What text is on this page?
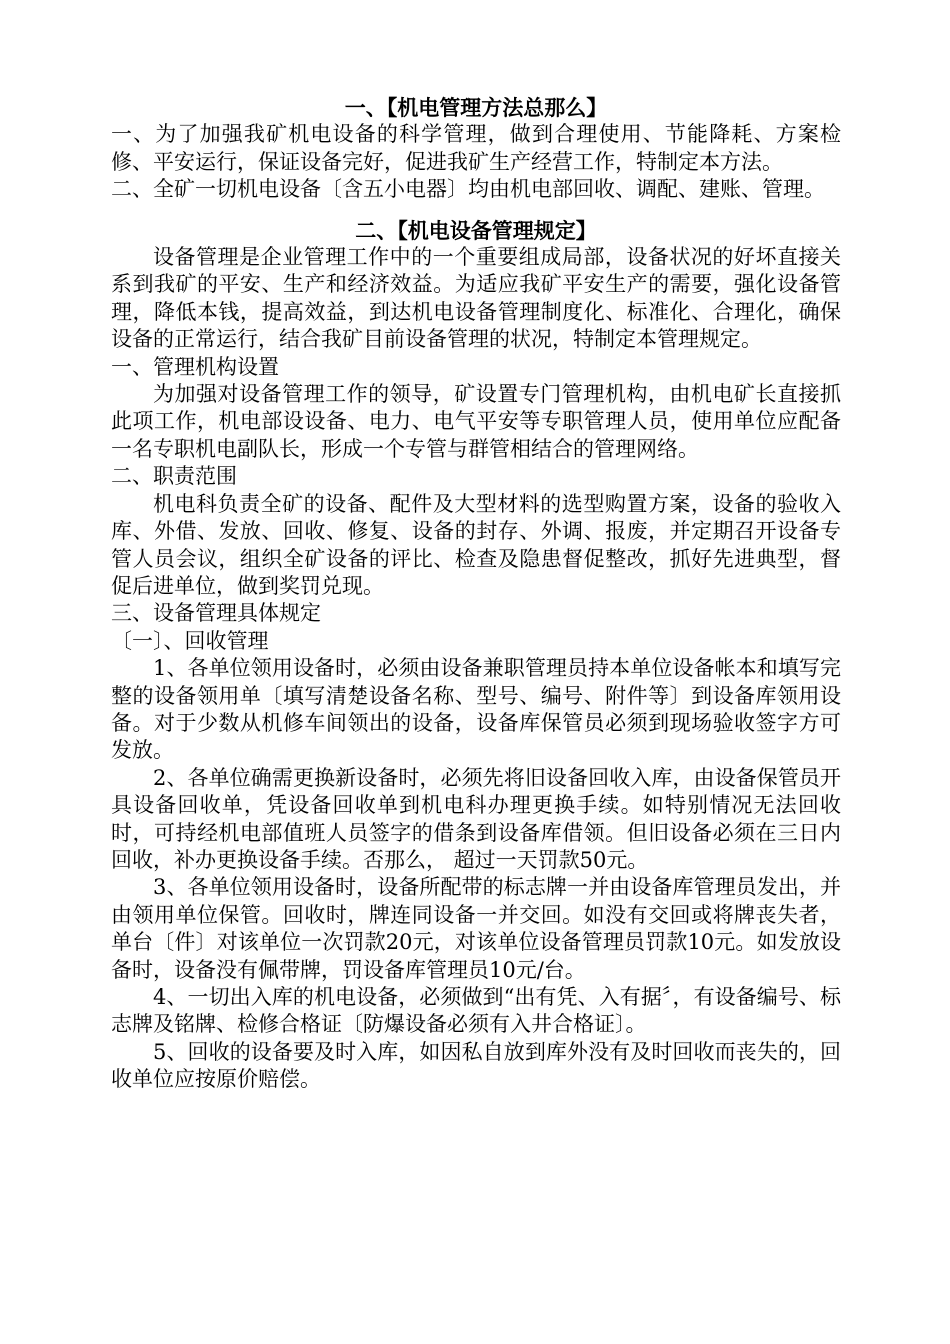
一、【机电管理方法总那么】

一、为了加强我矿机电设备的科学管理，做到合理使用、节能降耗、方案检修、平安运行，保证设备完好，促进我矿生产经营工作，特制定本方法。

二、全矿一切机电设备〔含五小电器〕均由机电部回收、调配、建账、管理。

二、【机电设备管理规定】

设备管理是企业管理工作中的一个重要组成局部，设备状况的好坏直接关系到我矿的平安、生产和经济效益。为适应我矿平安生产的需要，强化设备管理，降低本钱，提高效益，到达机电设备管理制度化、标准化、合理化，确保设备的正常运行，结合我矿目前设备管理的状况，特制定本管理规定。

一、管理机构设置

为加强对设备管理工作的领导，矿设置专门管理机构，由机电矿长直接抓此项工作，机电部设设备、电力、电气平安等专职管理人员，使用单位应配备一名专职机电副队长，形成一个专管与群管相结合的管理网络。

二、职责范围

机电科负责全矿的设备、配件及大型材料的选型购置方案，设备的验收入库、外借、发放、回收、修复、设备的封存、外调、报废，并定期召开设备专管人员会议，组织全矿设备的评比、检查及隐患督促整改，抓好先进典型，督促后进单位，做到奖罚兑现。

三、设备管理具体规定

〔一〕、回收管理

1、各单位领用设备时，必须由设备兼职管理员持本单位设备帐本和填写完整的设备领用单〔填写清楚设备名称、型号、编号、附件等〕到设备库领用设备。对于少数从机修车间领出的设备，设备库保管员必须到现场验收签字方可发放。

2、各单位确需更换新设备时，必须先将旧设备回收入库，由设备保管员开具设备回收单，凭设备回收单到机电科办理更换手续。如特别情况无法回收时，可持经机电部值班人员签字的借条到设备库借领。但旧设备必须在三日内回收，补办更换设备手续。否那么， 超过一天罚款50元。

3、各单位领用设备时，设备所配带的标志牌一并由设备库管理员发出，并由领用单位保管。回收时，牌连同设备一并交回。如没有交回或将牌丧失者，单台〔件〕对该单位一次罚款20元，对该单位设备管理员罚款10元。如发放设备时，设备没有佩带牌，罚设备库管理员10元/台。

4、一切出入库的机电设备，必须做到“出有凭、入有据〞，有设备编号、标志牌及铭牌、检修合格证〔防爆设备必须有入井合格证〕。

5、回收的设备要及时入库，如因私自放到库外没有及时回收而丧失的，回收单位应按原价赔偿。
